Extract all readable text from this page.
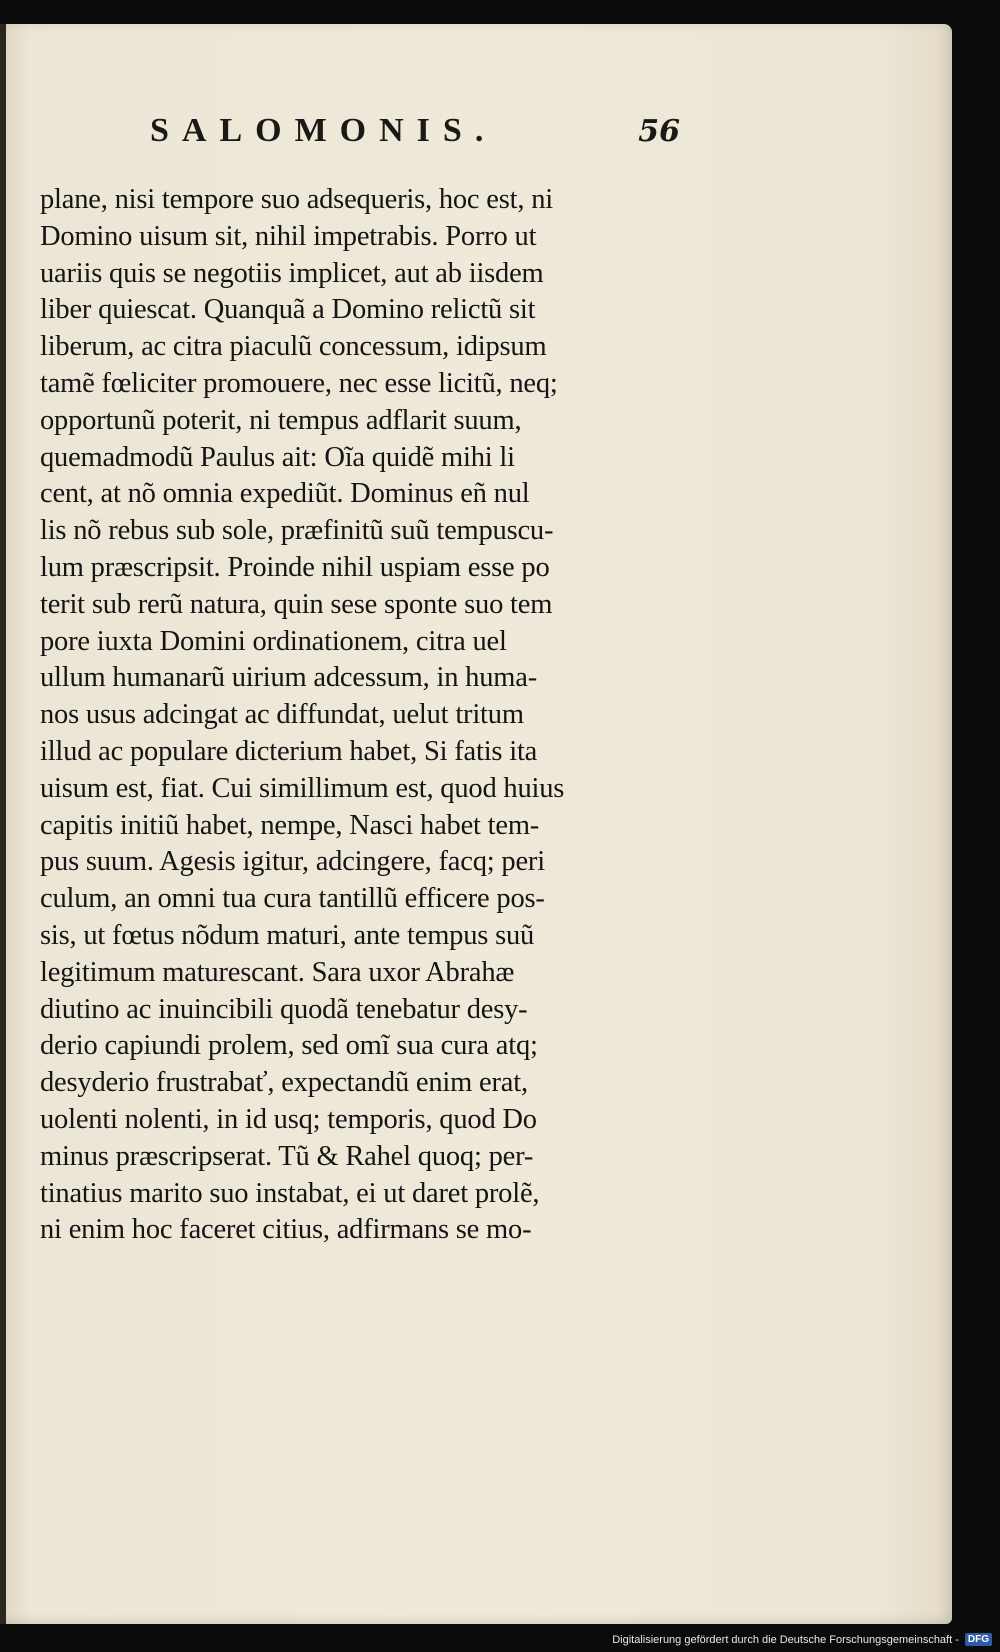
SALOMONIS.	56
plane, nisi tempore suo adsequeris, hoc est, ni
Domino uisum sit, nihil impetrabis. Porro ut
uariis quis se negotiis implicet, aut ab iisdem
liber quiescat. Quanquã a Domino relictũ sit
liberum, ac citra piaculũ concessum, idipsum
tamẽ fœliciter promouere, nec esse licitũ, neq;
opportunũ poterit, ni tempus adflarit suum,
quemadmodũ Paulus ait: Oĩa quidẽ mihi li
cent, at nõ omnia expediũt. Dominus eñ nul
lis nõ rebus sub sole, præfinitũ suũ tempuscu-
lum præscripsit. Proinde nihil uspiam esse po
terit sub rerũ natura, quin sese sponte suo tem
pore iuxta Domini ordinationem, citra uel
ullum humanarũ uirium adcessum, in huma-
nos usus adcingat ac diffundat, uelut tritum
illud ac populare dicterium habet, Si fatis ita
uisum est, fiat. Cui simillimum est, quod huius
capitis initiũ habet, nempe, Nasci habet tem-
pus suum. Agesis igitur, adcingere, facq; peri
culum, an omni tua cura tantillũ efficere pos-
sis, ut fœtus nõdum maturi, ante tempus suũ
legitimum maturescant. Sara uxor Abrahæ
diutino ac inuincibili quodã tenebatur desy-
derio capiundi prolem, sed omĩ sua cura atq;
desyderio frustrabať, expectandũ enim erat,
uolenti nolenti, in id usq; temporis, quod Do
minus præscripserat. Tũ & Rahel quoq; per-
tinatius marito suo instabat, ei ut daret prolẽ,
ni enim hoc faceret citius, adfirmans se mo-
Digitalisierung gefördert durch die Deutsche Forschungsgemeinschaft - DFG
